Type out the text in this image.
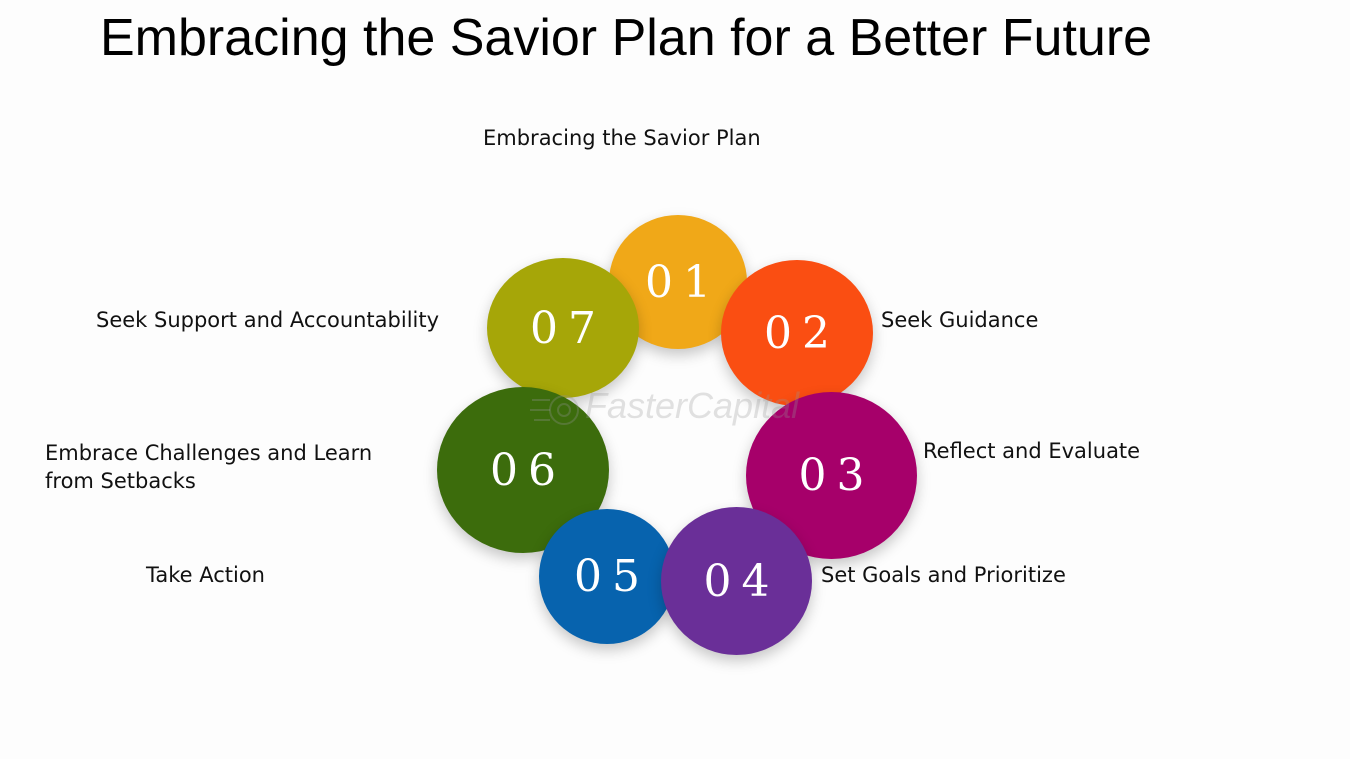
Embracing the Savior Plan for a Better Future
Embracing the Savior Plan
01
07	02
06	03
05 04
FasterCapital
Seek Guidance
Reflect and Evaluate
Set Goals and Prioritize
Take Action
Embrace Challenges and Learn from Setbacks
Seek Support and Accountability
